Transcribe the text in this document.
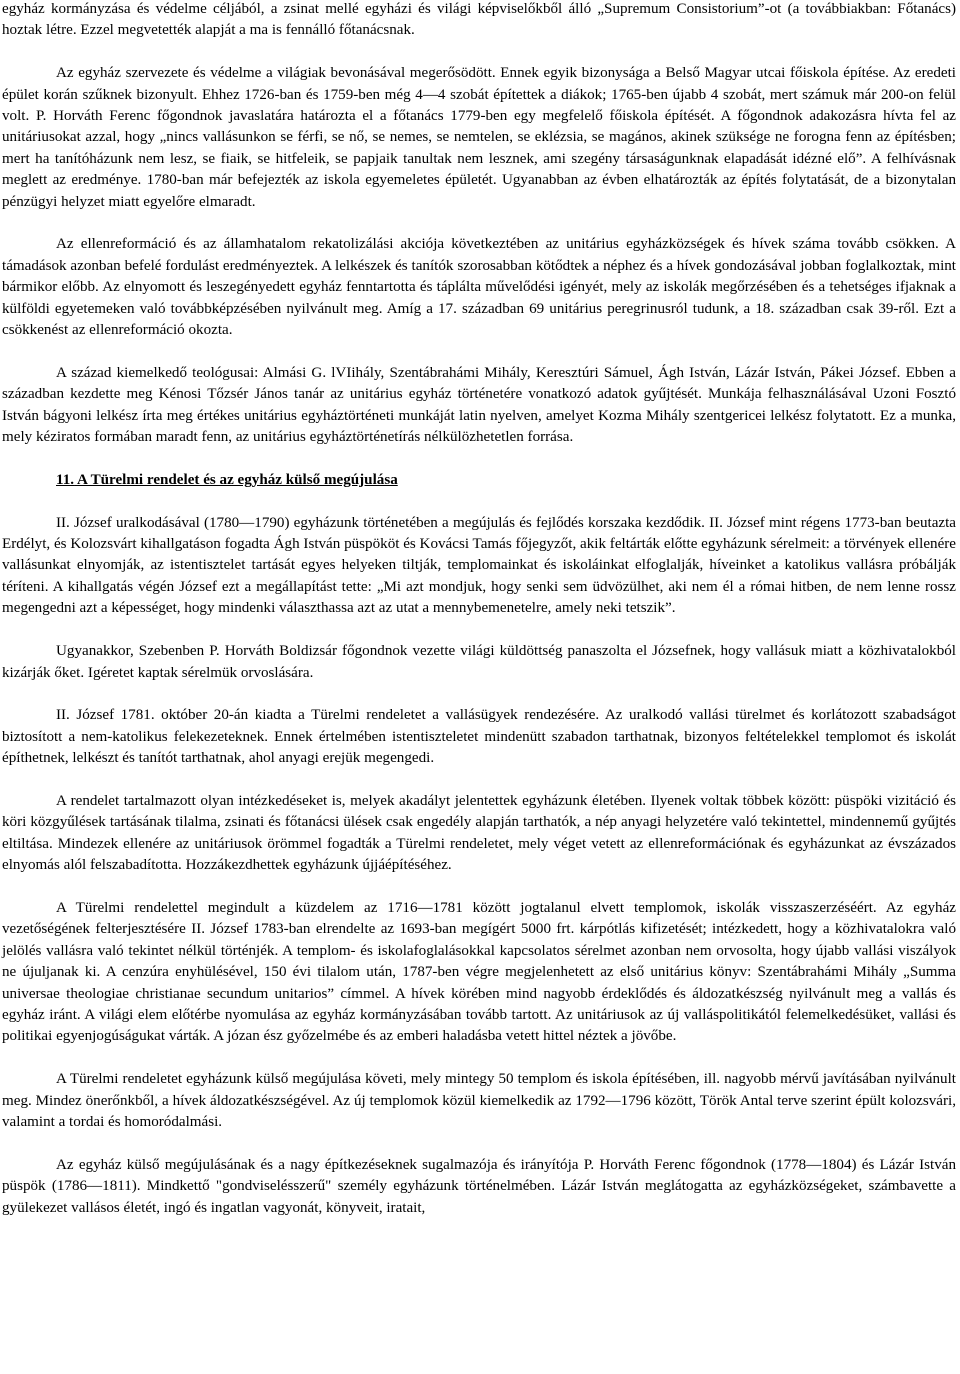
egyház kormányzása és védelme céljából, a zsinat mellé egyházi és világi képviselőkből álló „Supremum Consistorium”-ot (a továbbiakban: Főtanács) hoztak létre. Ezzel megvetették alapját a ma is fennálló főtanácsnak.

Az egyház szervezete és védelme a világiak bevonásával megerősödött. Ennek egyik bizonysága a Belső Magyar utcai főiskola építése. Az eredeti épület korán szűknek bizonyult. Ehhez 1726-ban és 1759-ben még 4—4 szobát építettek a diákok; 1765-ben újabb 4 szobát, mert számuk már 200-on felül volt. P. Horváth Ferenc főgondnok javaslatára határozta el a főtanács 1779-ben egy megfelelő főiskola építését. A főgondnok adakozásra hívta fel az unitáriusokat azzal, hogy „nincs vallásunkon se férfi, se nő, se nemes, se nemtelen, se eklézsia, se magános, akinek szüksége ne forogna fenn az építésben; mert ha tanítóházunk nem lesz, se fiaik, se hitfeleik, se papjaik tanultak nem lesznek, ami szegény társaságunknak elapadását idézné elő”. A felhívásnak meglett az eredménye. 1780-ban már befejezték az iskola egyemeletes épületét. Ugyanabban az évben elhatározták az építés folytatását, de a bizonytalan pénzügyi helyzet miatt egyelőre elmaradt.

Az ellenreformáció és az államhatalom rekatolizálási akciója következtében az unitárius egyházközségek és hívek száma tovább csökken. A támadások azonban befelé fordulást eredményeztek. A lelkészek és tanítók szorosabban kötődtek a néphez és a hívek gondozásával jobban foglalkoztak, mint bármikor előbb. Az elnyomott és leszegényedett egyház fenntartotta és táplálta művelődési igényét, mely az iskolák megőrzésében és a tehetséges ifjaknak a külföldi egyetemeken való továbbképzésében nyilvánult meg. Amíg a 17. században 69 unitárius peregrinusról tudunk, a 18. században csak 39-ről. Ezt a csökkenést az ellenreformáció okozta.

A század kiemelkedő teológusai: Almási G. lVIihály, Szentábrahámi Mihály, Keresztúri Sámuel, Ágh István, Lázár István, Pákei József. Ebben a században kezdette meg Kénosi Tőzsér János tanár az unitárius egyház történetére vonatkozó adatok gyűjtését. Munkája felhasználásával Uzoni Fosztó István bágyoni lelkész írta meg értékes unitárius egyháztörténeti munkáját latin nyelven, amelyet Kozma Mihály szentgericei lelkész folytatott. Ez a munka, mely kéziratos formában maradt fenn, az unitárius egyháztörténetírás nélkülözhetetlen forrása.

11. A Türelmi rendelet és az egyház külső megújulása

II. József uralkodásával (1780—1790) egyházunk történetében a megújulás és fejlődés korszaka kezdődik. II. József mint régens 1773-ban beutazta Erdélyt, és Kolozsvárt kihallgatáson fogadta Ágh István püspököt és Kovácsi Tamás főjegyzőt, akik feltárták előtte egyházunk sérelmeit: a törvények ellenére vallásunkat elnyomják, az istentisztelet tartását egyes helyeken tiltják, templomainkat és iskoláinkat elfoglalják, híveinket a katolikus vallásra próbálják téríteni. A kihallgatás végén József ezt a megállapítást tette: „Mi azt mondjuk, hogy senki sem üdvözülhet, aki nem él a római hitben, de nem lenne rossz megengedni azt a képességet, hogy mindenki választhassa azt az utat a mennybemenetelre, amely neki tetszik”.

Ugyanakkor, Szebenben P. Horváth Boldizsár főgondnok vezette világi küldöttség panaszolta el Józsefnek, hogy vallásuk miatt a közhivatalokból kizárják őket. Igéretet kaptak sérelmük orvoslására.

II. József 1781. október 20-án kiadta a Türelmi rendeletet a vallásügyek rendezésére. Az uralkodó vallási türelmet és korlátozott szabadságot biztosított a nem-katolikus felekezeteknek. Ennek értelmében istentiszteletet mindenütt szabadon tarthatnak, bizonyos feltételekkel templomot és iskolát építhetnek, lelkészt és tanítót tarthatnak, ahol anyagi erejük megengedi.

A rendelet tartalmazott olyan intézkedéseket is, melyek akadályt jelentettek egyházunk életében. Ilyenek voltak többek között: püspöki vizitáció és köri közgyűlések tartásának tilalma, zsinati és főtanácsi ülések csak engedély alapján tarthatók, a nép anyagi helyzetére való tekintettel, mindennemű gyűjtés eltiltása. Mindezek ellenére az unitáriusok örömmel fogadták a Türelmi rendeletet, mely véget vetett az ellenreformációnak és egyházunkat az évszázados elnyomás alól felszabadította. Hozzákezdhettek egyházunk újjáépítéséhez.

A Türelmi rendelettel megindult a küzdelem az 1716—1781 között jogtalanul elvett templomok, iskolák visszaszerzéséért. Az egyház vezetőségének felterjesztésére II. József 1783-ban elrendelte az 1693-ban megígért 5000 frt. kárpótlás kifizetését; intézkedett, hogy a közhivatalokra való jelölés vallásra való tekintet nélkül történjék. A templom- és iskolafoglalásokkal kapcsolatos sérelmet azonban nem orvosolta, hogy újabb vallási viszályok ne újuljanak ki. A cenzúra enyhülésével, 150 évi tilalom után, 1787-ben végre megjelenhetett az első unitárius könyv: Szentábrahámi Mihály „Summa universae theologiae christianae secundum unitarios” címmel. A hívek körében mind nagyobb érdeklődés és áldozatkészség nyilvánult meg a vallás és egyház iránt. A világi elem előtérbe nyomulása az egyház kormányzásában tovább tartott. Az unitáriusok az új valláspolitikától felemelkedésüket, vallási és politikai egyenjogúságukat várták. A józan ész győzelmébe és az emberi haladásba vetett hittel néztek a jövőbe.

A Türelmi rendeletet egyházunk külső megújulása követi, mely mintegy 50 templom és iskola építésében, ill. nagyobb mérvű javításában nyilvánult meg. Mindez önerőnkből, a hívek áldozatkészségével. Az új templomok közül kiemelkedik az 1792—1796 között, Török Antal terve szerint épült kolozsvári, valamint a tordai és homoródalmási.

Az egyház külső megújulásának és a nagy építkezéseknek sugalmazója és irányítója P. Horváth Ferenc főgondnok (1778—1804) és Lázár István püspök (1786—1811). Mindkettő "gondviselésszerű" személy egyházunk történelmében. Lázár István meglátogatta az egyházközségeket, számbavette a gyülekezet vallásos életét, ingó és ingatlan vagyonát, könyveit, iratait,
